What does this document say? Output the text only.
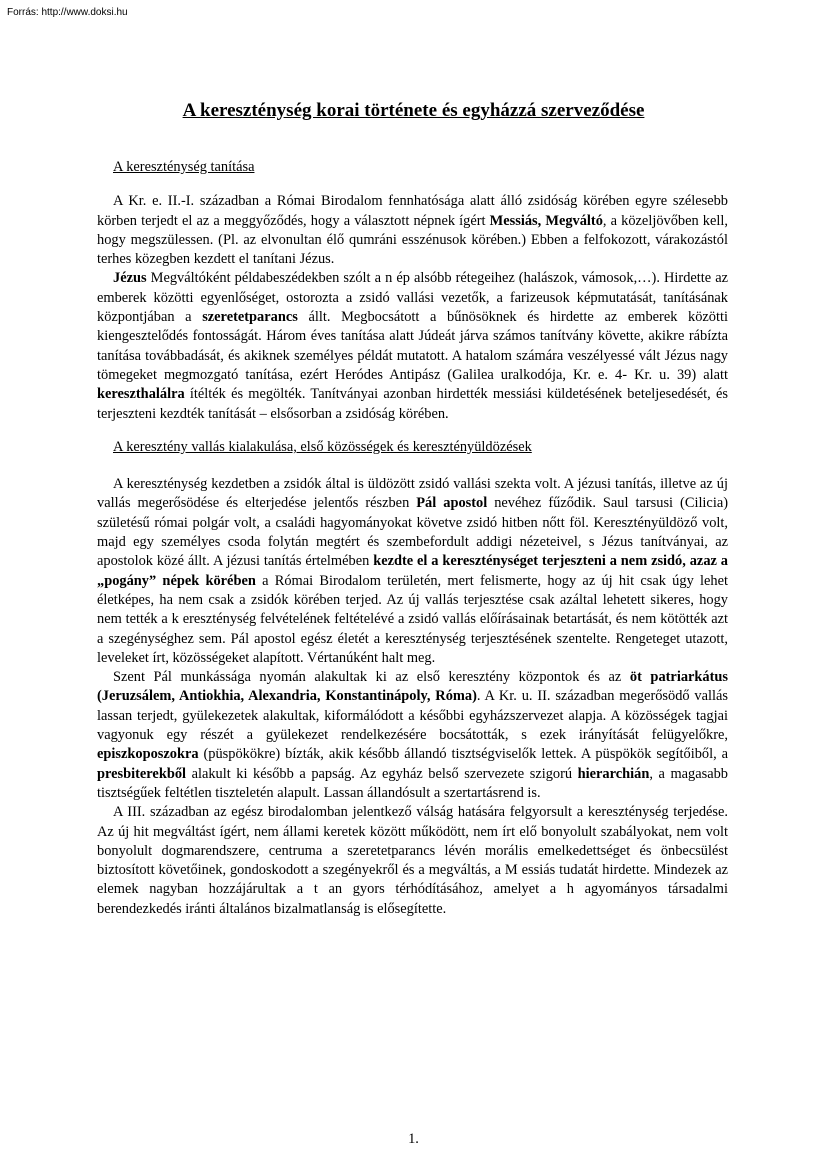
Forrás: http://www.doksi.hu
A kereszténység korai története és egyházzá szerveződése
A kereszténység tanítása

A Kr. e. II.-I. században a Római Birodalom fennhatósága alatt álló zsidóság körében egyre szélesebb körben terjedt el az a meggyőződés, hogy a választott népnek ígért Messiás, Megváltó, a közeljövőben kell, hogy megszülessen. (Pl. az elvonultan élő qumráni esszénusok körében.) Ebben a felfokozott, várakozástól terhes közegben kezdett el tanítani Jézus.

Jézus Megváltóként példabeszédekben szólt a n ép alsóbb rétegeihez (halászok, vámosok,…). Hirdette az emberek közötti egyenlőséget, ostorozta a zsidó vallási vezetők, a farizeusok képmutatását, tanításának központjában a szeretetparancs állt. Megbocsátott a bűnösöknek és hirdette az emberek közötti kiengesztelődés fontosságát. Három éves tanítása alatt Júdeát járva számos tanítvány követte, akikre rábízta tanítása továbbadását, és akiknek személyes példát mutatott. A hatalom számára veszélyessé vált Jézus nagy tömegeket megmozgató tanítása, ezért Heródes Antipász (Galilea uralkodója, Kr. e. 4- Kr. u. 39) alatt kereszthalálra ítélték és megölték. Tanítványai azonban hirdették messiási küldetésének beteljesedését, és terjeszteni kezdték tanítását – elsősorban a zsidóság körében.

A keresztény vallás kialakulása, első közösségek és keresztényüldözések

A kereszténység kezdetben a zsidók által is üldözött zsidó vallási szekta volt. A jézusi tanítás, illetve az új vallás megerősödése és elterjedése jelentős részben Pál apostol nevéhez fűződik. Saul tarsusi (Cilicia) születésű római polgár volt, a családi hagyományokat követve zsidó hitben nőtt föl. Keresztényüldöző volt, majd egy személyes csoda folytán megtért és szembefordult addigi nézeteivel, s Jézus tanítványai, az apostolok közé állt. A jézusi tanítás értelmében kezdte el a kereszténységet terjeszteni a nem zsidó, azaz a „pogány” népek körében a Római Birodalom területén, mert felismerte, hogy az új hit csak úgy lehet életképes, ha nem csak a zsidók körében terjed. Az új vallás terjesztése csak azáltal lehetett sikeres, hogy nem tették a k ereszténység felvételének feltételévé a zsidó vallás előírásainak betartását, és nem kötötték azt a szegénységhez sem. Pál apostol egész életét a kereszténység terjesztésének szentelte. Rengeteget utazott, leveleket írt, közösségeket alapított. Vértanúként halt meg.

Szent Pál munkássága nyomán alakultak ki az első keresztény központok és az öt patriarkátus (Jeruzsálem, Antiokhia, Alexandria, Konstantinápoly, Róma). A Kr. u. II. században megerősödő vallás lassan terjedt, gyülekezetek alakultak, kiformálódott a későbbi egyházszervezet alapja. A közösségek tagjai vagyonuk egy részét a gyülekezet rendelkezésére bocsátották, s ezek irányítását felügyelőkre, episzkoposzokra (püspökökre) bízták, akik később állandó tisztségviselők lettek. A püspökök segítőiből, a presbiterekből alakult ki később a papság. Az egyház belső szervezete szigorú hierarchián, a magasabb tisztségűek feltétlen tiszteletén alapult. Lassan állandósult a szertartásrend is.

A III. században az egész birodalomban jelentkező válság hatására felgyorsult a kereszténység terjedése. Az új hit megváltást ígért, nem állami keretek között működött, nem írt elő bonyolult szabályokat, nem volt bonyolult dogmarendszere, centruma a szeretetparancs lévén morális emelkedettséget és önbecsülést biztosított követőinek, gondoskodott a szegényekről és a megváltás, a M essiás tudatát hirdette. Mindezek az elemek nagyban hozzájárultak a t an gyors térhódításához, amelyet a h agyományos társadalmi berendezkedés iránti általános bizalmatlanság is elősegítette.

1.
